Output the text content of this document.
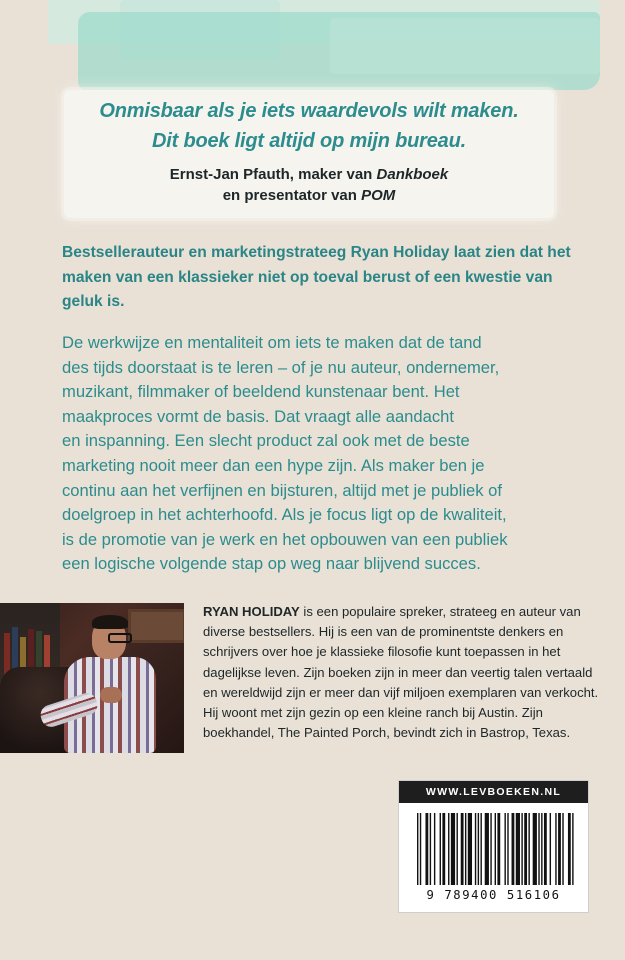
Onmisbaar als je iets waardevols wilt maken.

Dit boek ligt altijd op mijn bureau.

Ernst-Jan Pfauth, maker van Dankboek

en presentator van POM

Bestsellerauteur en marketingstrateeg Ryan Holiday laat zien dat het maken van een klassieker niet op toeval berust of een kwestie van geluk is.

De werkwijze en mentaliteit om iets te maken dat de tand
des tijds doorstaat is te leren – of je nu auteur, ondernemer,
muzikant, filmmaker of beeldend kunstenaar bent. Het
maakproces vormt de basis. Dat vraagt alle aandacht
en inspanning. Een slecht product zal ook met de beste
marketing nooit meer dan een hype zijn. Als maker ben je
continu aan het verfijnen en bijsturen, altijd met je publiek of
doelgroep in het achterhoofd. Als je focus ligt op de kwaliteit,
is de promotie van je werk en het opbouwen van een publiek
een logische volgende stap op weg naar blijvend succes.

RYAN HOLIDAY is een populaire spreker, strateeg en auteur van diverse bestsellers. Hij is een van de prominentste denkers en schrijvers over hoe je klassieke filosofie kunt toepassen in het dagelijkse leven. Zijn boeken zijn in meer dan veertig talen vertaald en wereldwijd zijn er meer dan vijf miljoen exemplaren van verkocht. Hij woont met zijn gezin op een kleine ranch bij Austin. Zijn boekhandel, The Painted Porch, bevindt zich in Bastrop, Texas.

WWW.LEVBOEKEN.NL
9 789400 516106
